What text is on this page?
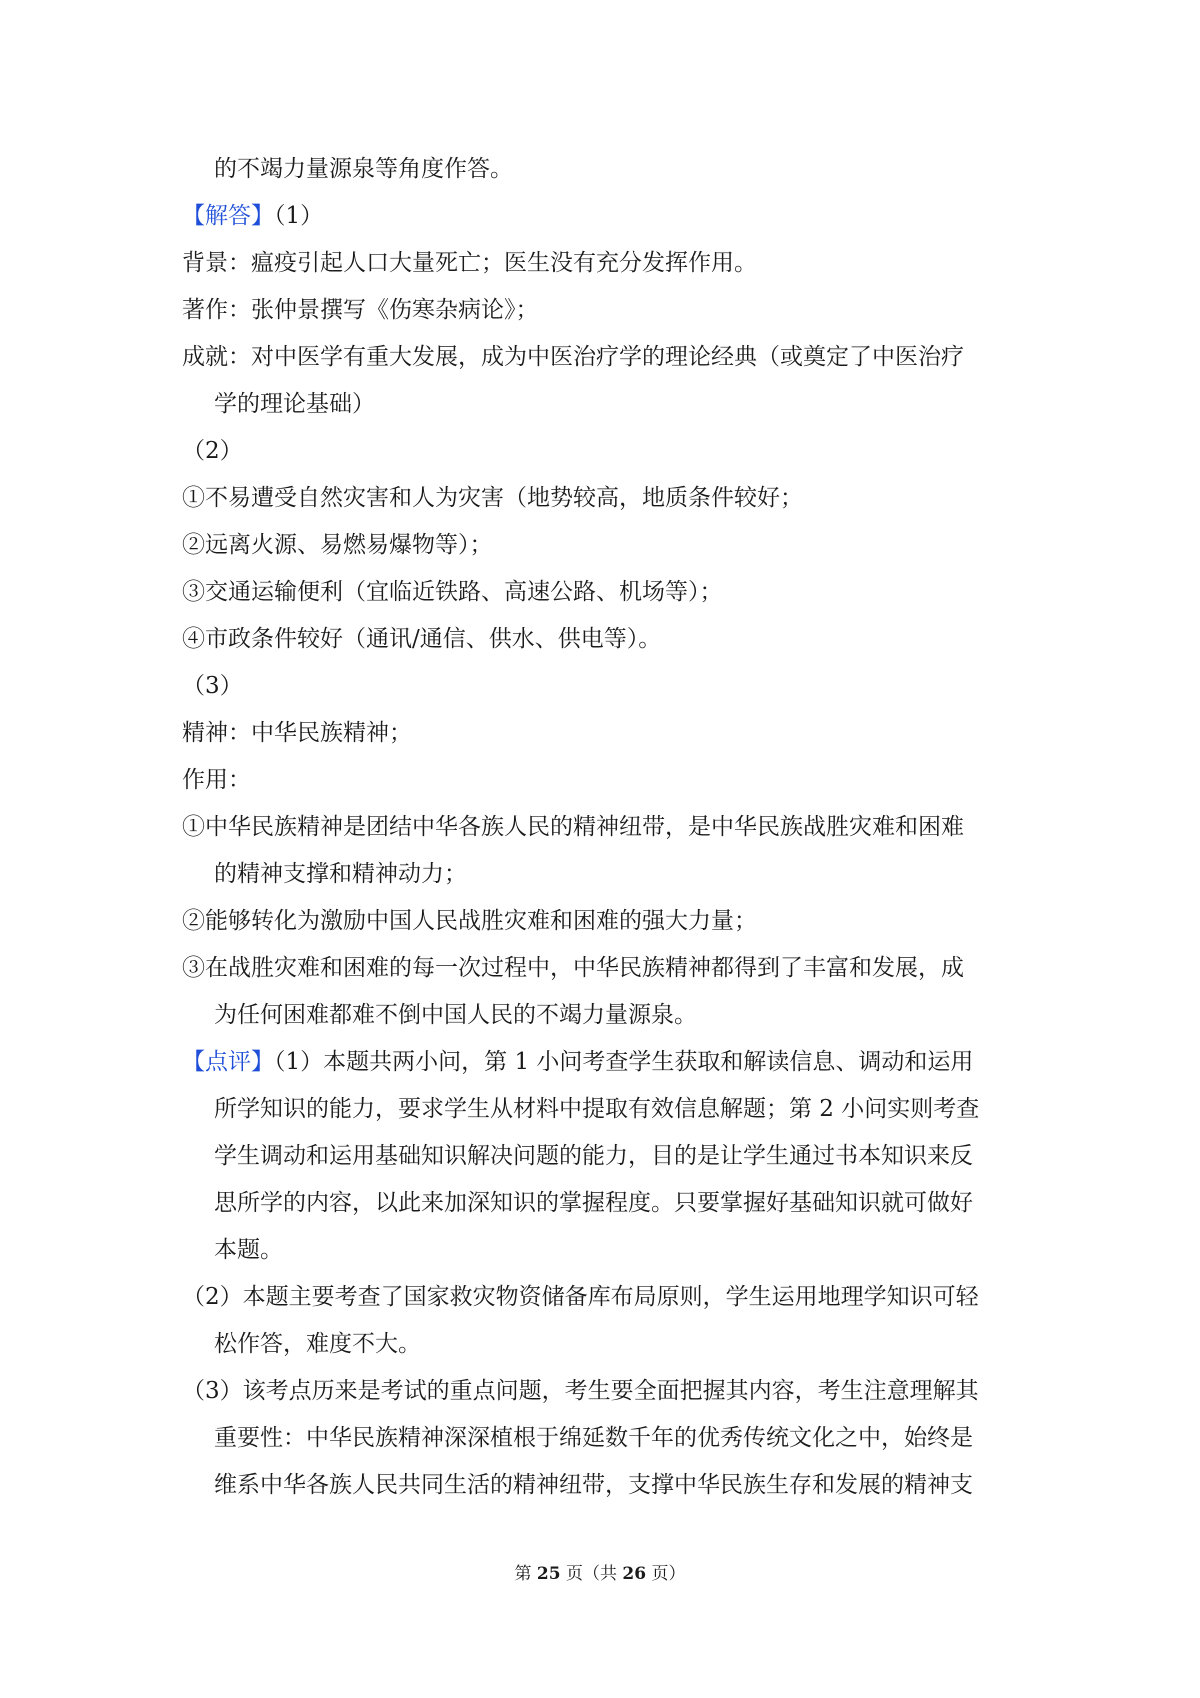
的不竭力量源泉等角度作答。
【解答】（1）
背景：瘟疫引起人口大量死亡；医生没有充分发挥作用。
著作：张仲景撰写《伤寒杂病论》；
成就：对中医学有重大发展，成为中医治疗学的理论经典（或奠定了中医治疗
学的理论基础）
（2）
①不易遭受自然灾害和人为灾害（地势较高，地质条件较好；
②远离火源、易燃易爆物等）；
③交通运输便利（宜临近铁路、高速公路、机场等）；
④市政条件较好（通讯/通信、供水、供电等）。
（3）
精神：中华民族精神；
作用：
①中华民族精神是团结中华各族人民的精神纽带，是中华民族战胜灾难和困难
的精神支撑和精神动力；
②能够转化为激励中国人民战胜灾难和困难的强大力量；
③在战胜灾难和困难的每一次过程中，中华民族精神都得到了丰富和发展，成
为任何困难都难不倒中国人民的不竭力量源泉。
【点评】（1）本题共两小问，第 1 小问考查学生获取和解读信息、调动和运用
所学知识的能力，要求学生从材料中提取有效信息解题；第 2 小问实则考查
学生调动和运用基础知识解决问题的能力，目的是让学生通过书本知识来反
思所学的内容，以此来加深知识的掌握程度。只要掌握好基础知识就可做好
本题。
（2）本题主要考查了国家救灾物资储备库布局原则，学生运用地理学知识可轻
松作答，难度不大。
（3）该考点历来是考试的重点问题，考生要全面把握其内容，考生注意理解其
重要性：中华民族精神深深植根于绵延数千年的优秀传统文化之中，始终是
维系中华各族人民共同生活的精神纽带，支撑中华民族生存和发展的精神支
第 25 页（共 26 页）
